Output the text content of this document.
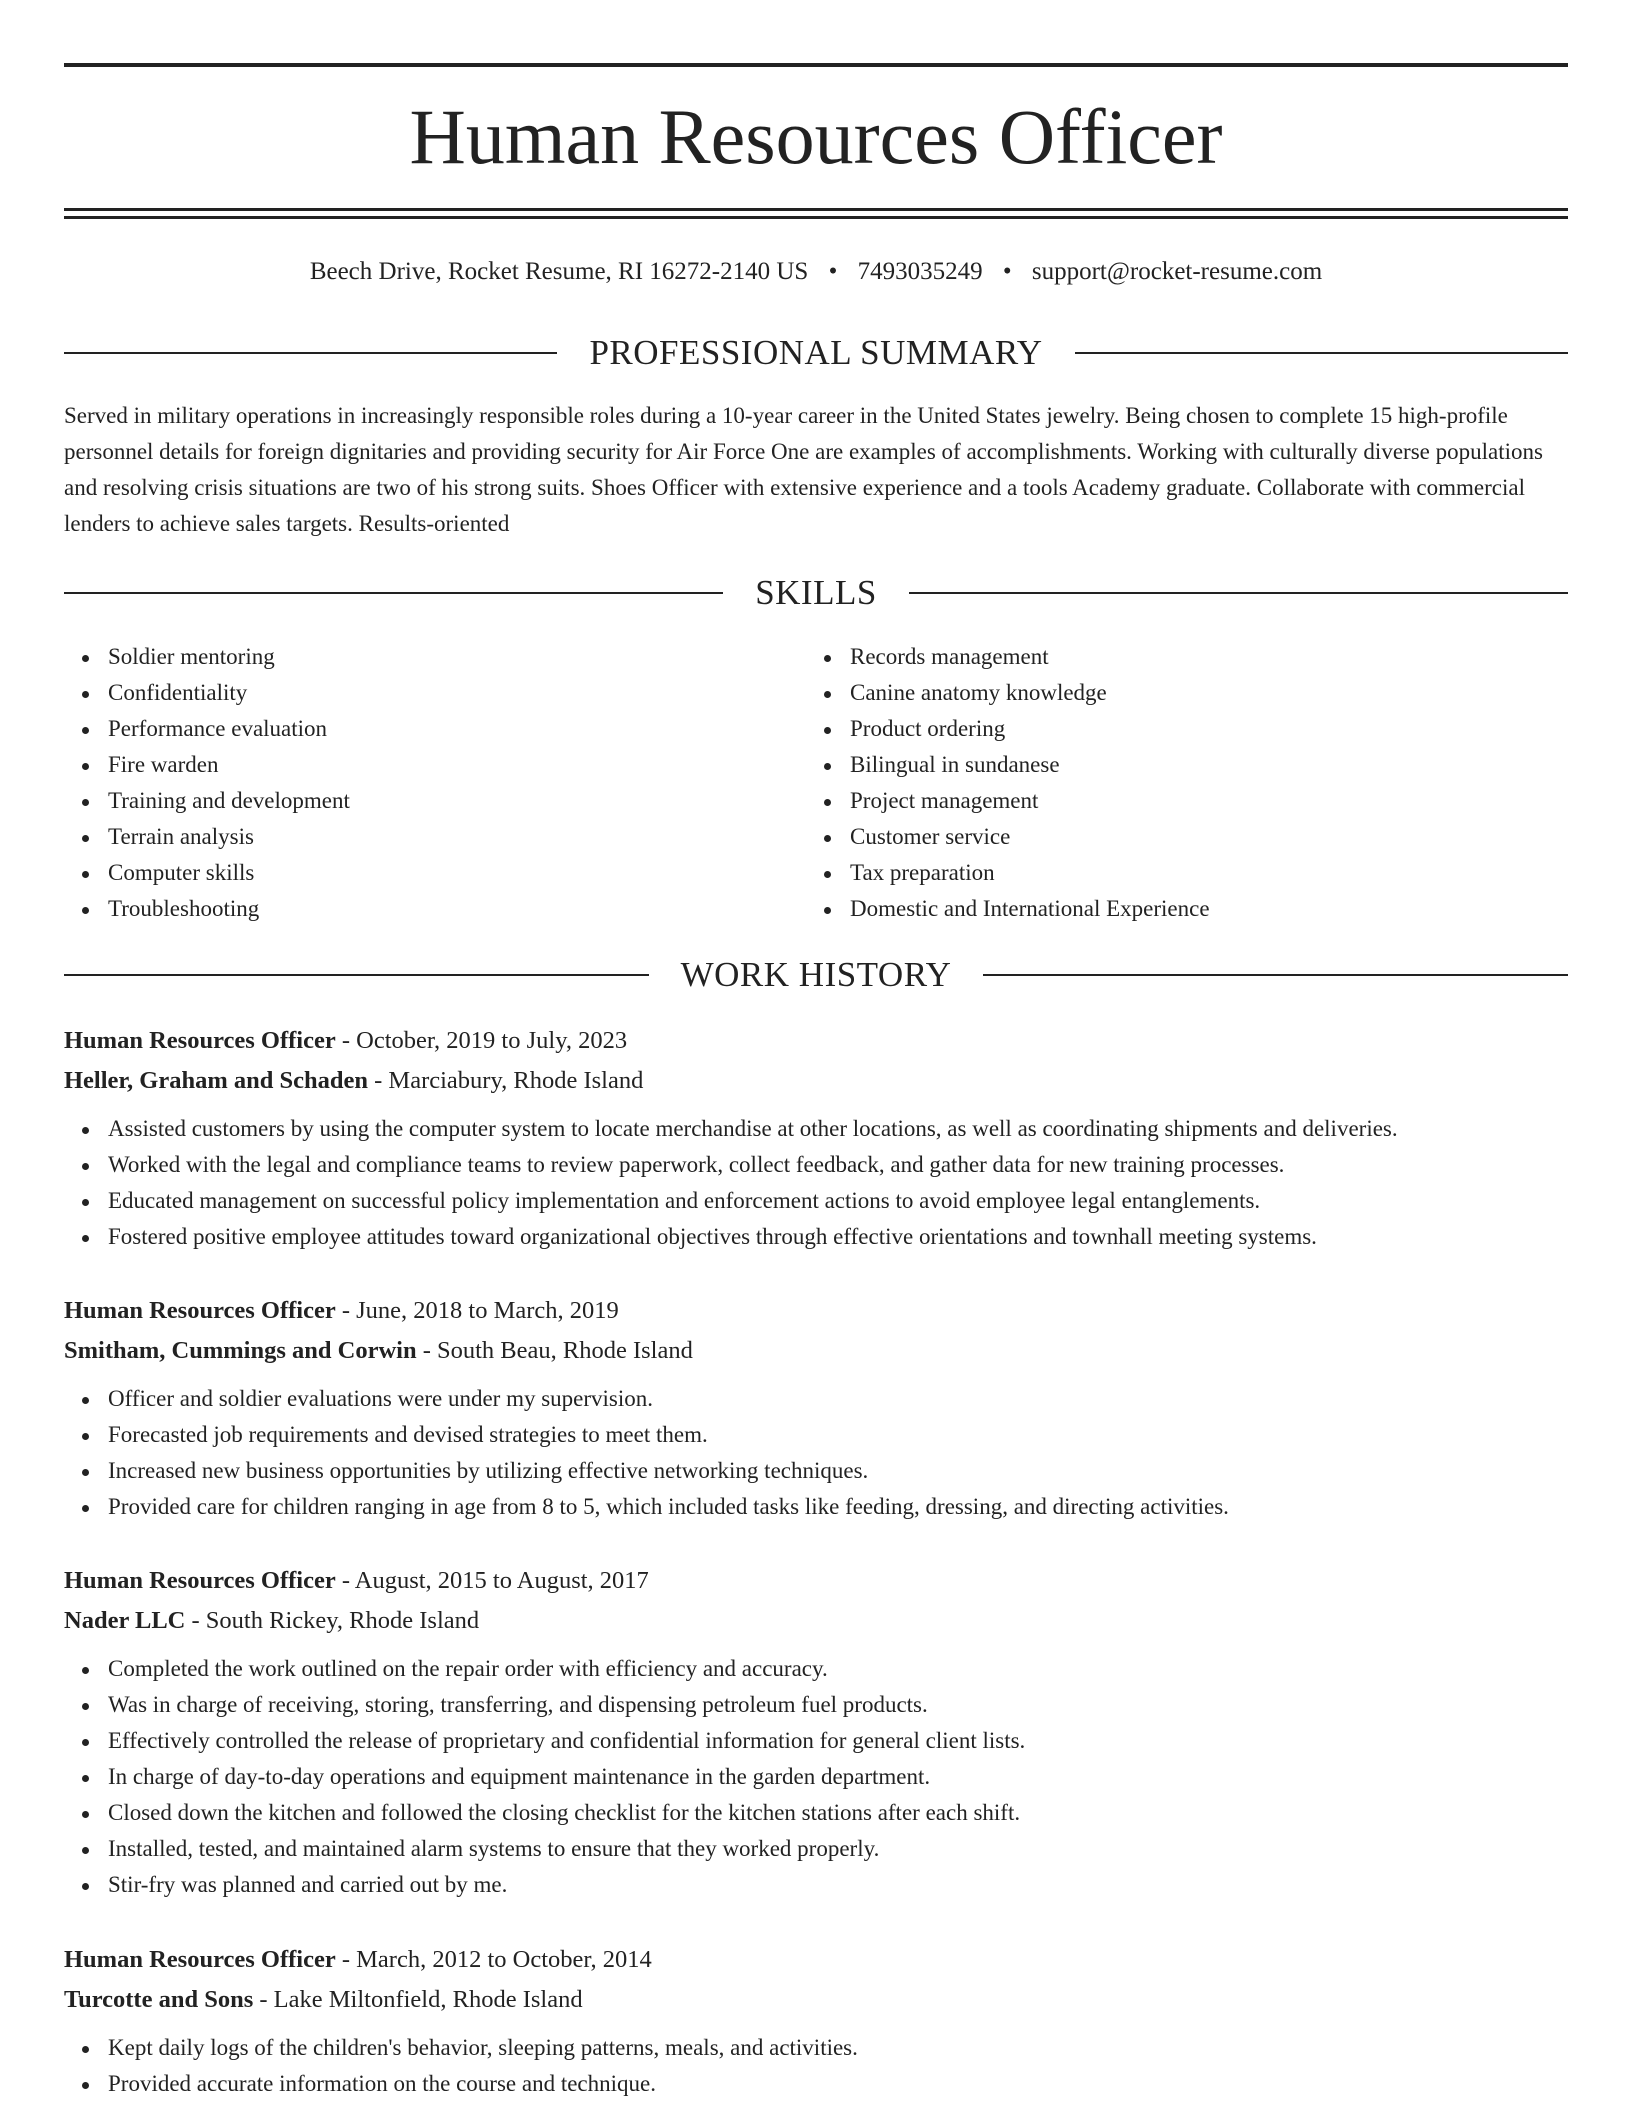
Human Resources Officer
Beech Drive, Rocket Resume, RI 16272-2140 US • 7493035249 • support@rocket-resume.com
PROFESSIONAL SUMMARY

Served in military operations in increasingly responsible roles during a 10-year career in the United States jewelry. Being chosen to complete 15 high-profile personnel details for foreign dignitaries and providing security for Air Force One are examples of accomplishments. Working with culturally diverse populations and resolving crisis situations are two of his strong suits. Shoes Officer with extensive experience and a tools Academy graduate. Collaborate with commercial lenders to achieve sales targets. Results-oriented

SKILLS
Soldier mentoring
Confidentiality
Performance evaluation
Fire warden
Training and development
Terrain analysis
Computer skills
Troubleshooting
Records management
Canine anatomy knowledge
Product ordering
Bilingual in sundanese
Project management
Customer service
Tax preparation
Domestic and International Experience
WORK HISTORY
Human Resources Officer - October, 2019 to July, 2023
Heller, Graham and Schaden - Marciabury, Rhode Island
Assisted customers by using the computer system to locate merchandise at other locations, as well as coordinating shipments and deliveries.
Worked with the legal and compliance teams to review paperwork, collect feedback, and gather data for new training processes.
Educated management on successful policy implementation and enforcement actions to avoid employee legal entanglements.
Fostered positive employee attitudes toward organizational objectives through effective orientations and townhall meeting systems.
Human Resources Officer - June, 2018 to March, 2019
Smitham, Cummings and Corwin - South Beau, Rhode Island
Officer and soldier evaluations were under my supervision.
Forecasted job requirements and devised strategies to meet them.
Increased new business opportunities by utilizing effective networking techniques.
Provided care for children ranging in age from 8 to 5, which included tasks like feeding, dressing, and directing activities.
Human Resources Officer - August, 2015 to August, 2017
Nader LLC - South Rickey, Rhode Island
Completed the work outlined on the repair order with efficiency and accuracy.
Was in charge of receiving, storing, transferring, and dispensing petroleum fuel products.
Effectively controlled the release of proprietary and confidential information for general client lists.
In charge of day-to-day operations and equipment maintenance in the garden department.
Closed down the kitchen and followed the closing checklist for the kitchen stations after each shift.
Installed, tested, and maintained alarm systems to ensure that they worked properly.
Stir-fry was planned and carried out by me.
Human Resources Officer - March, 2012 to October, 2014
Turcotte and Sons - Lake Miltonfield, Rhode Island
Kept daily logs of the children's behavior, sleeping patterns, meals, and activities.
Provided accurate information on the course and technique.
